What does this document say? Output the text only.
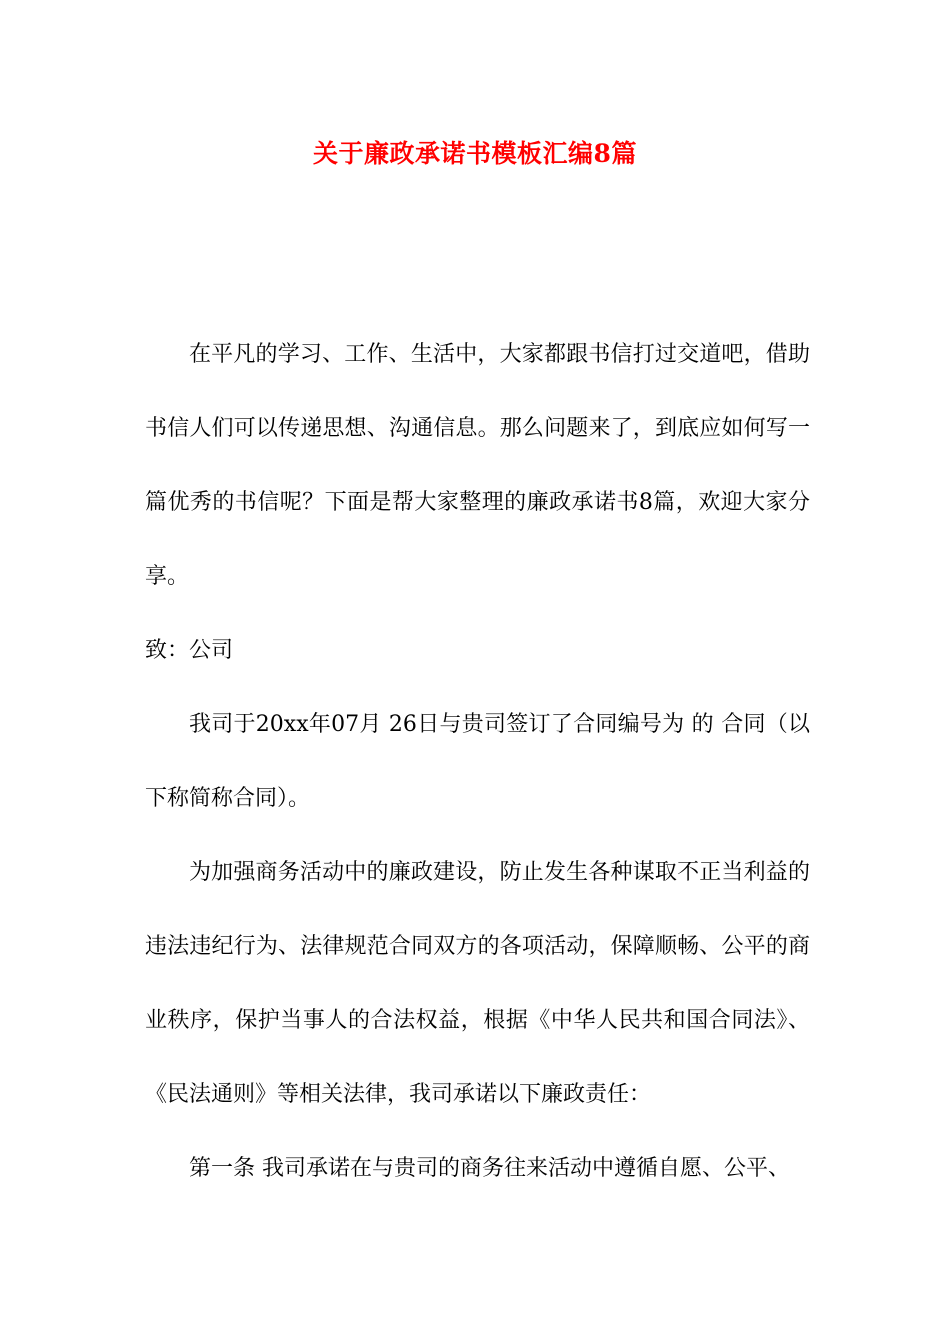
关于廉政承诺书模板汇编8篇

在平凡的学习、工作、生活中，大家都跟书信打过交道吧，借助书信人们可以传递思想、沟通信息。那么问题来了，到底应如何写一篇优秀的书信呢？下面是帮大家整理的廉政承诺书8篇，欢迎大家分享。

致：公司

我司于20xx年07月 26日与贵司签订了合同编号为 的 合同（以下称简称合同）。

为加强商务活动中的廉政建设，防止发生各种谋取不正当利益的违法违纪行为、法律规范合同双方的各项活动，保障顺畅、公平的商业秩序，保护当事人的合法权益，根据《中华人民共和国合同法》、《民法通则》等相关法律，我司承诺以下廉政责任：

第一条 我司承诺在与贵司的商务往来活动中遵循自愿、公平、
